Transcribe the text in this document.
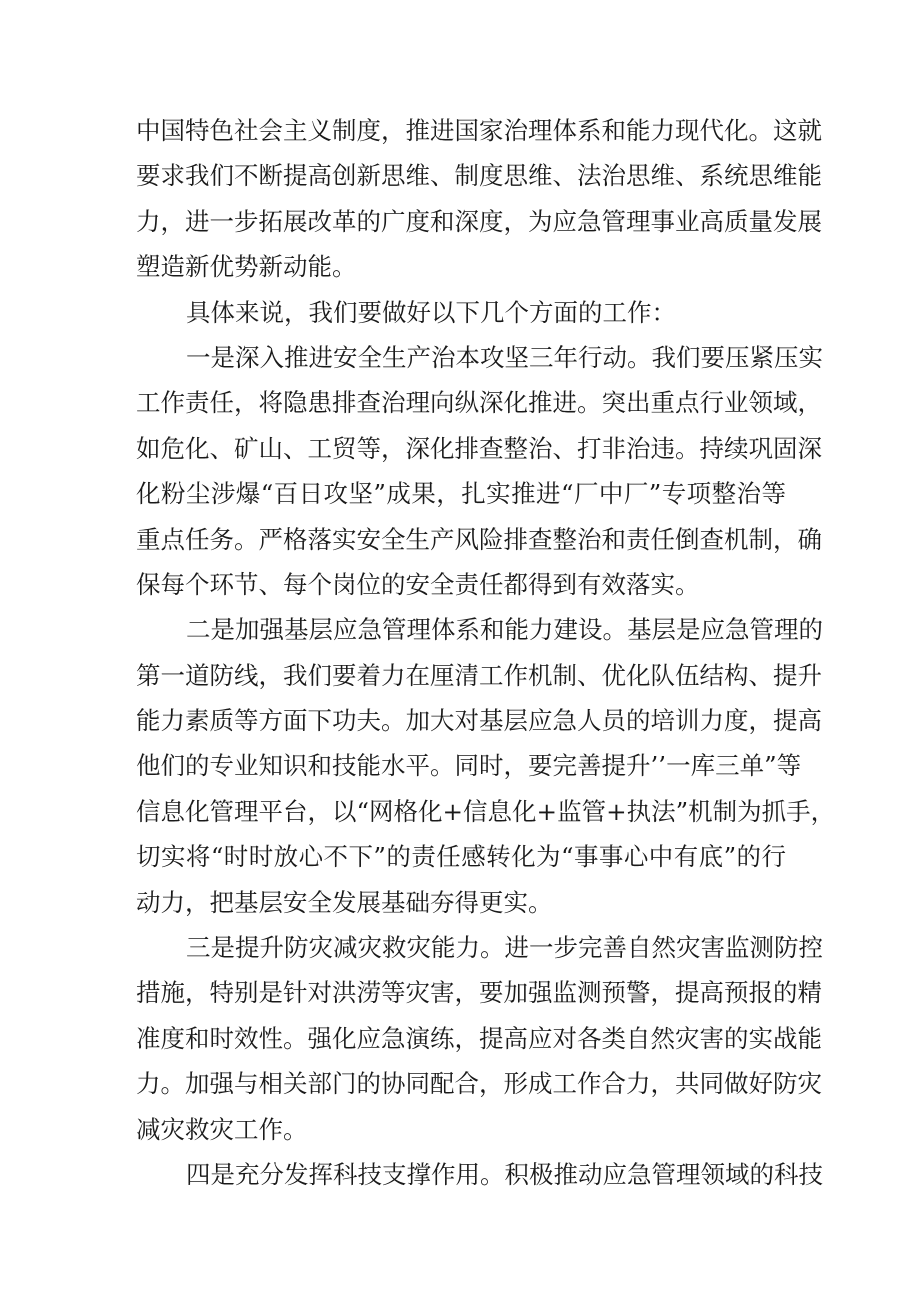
中国特色社会主义制度，推进国家治理体系和能力现代化。这就
要求我们不断提高创新思维、制度思维、法治思维、系统思维能
力，进一步拓展改革的广度和深度，为应急管理事业高质量发展
塑造新优势新动能。
具体来说，我们要做好以下几个方面的工作：
一是深入推进安全生产治本攻坚三年行动。我们要压紧压实
工作责任，将隐患排查治理向纵深化推进。突出重点行业领域，
如危化、矿山、工贸等，深化排查整治、打非治违。持续巩固深
化粉尘涉爆“百日攻坚”成果，扎实推进“厂中厂”专项整治等
重点任务。严格落实安全生产风险排查整治和责任倒查机制，确
保每个环节、每个岗位的安全责任都得到有效落实。
二是加强基层应急管理体系和能力建设。基层是应急管理的
第一道防线，我们要着力在厘清工作机制、优化队伍结构、提升
能力素质等方面下功夫。加大对基层应急人员的培训力度，提高
他们的专业知识和技能水平。同时，要完善提升’’一库三单”等
信息化管理平台，以“网格化+信息化+监管+执法”机制为抓手，
切实将“时时放心不下”的责任感转化为“事事心中有底”的行
动力，把基层安全发展基础夯得更实。
三是提升防灾减灾救灾能力。进一步完善自然灾害监测防控
措施，特别是针对洪涝等灾害，要加强监测预警，提高预报的精
准度和时效性。强化应急演练，提高应对各类自然灾害的实战能
力。加强与相关部门的协同配合，形成工作合力，共同做好防灾
减灾救灾工作。
四是充分发挥科技支撑作用。积极推动应急管理领域的科技
